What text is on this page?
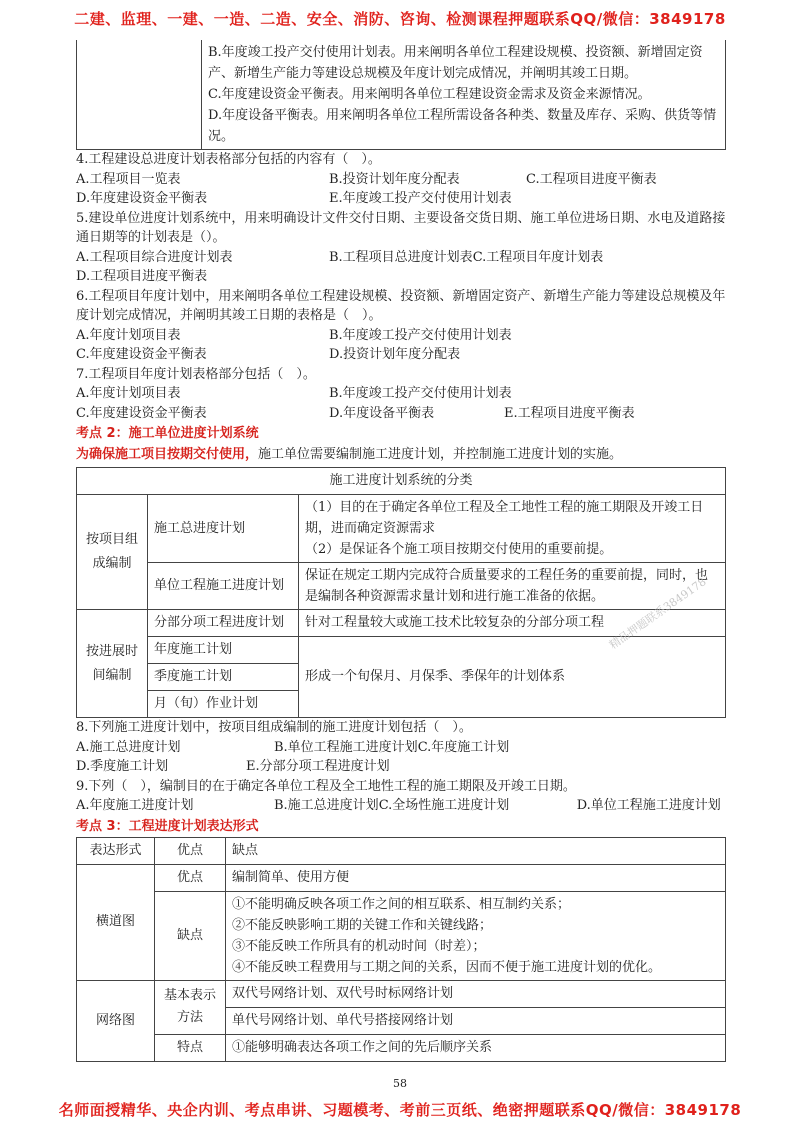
二建、监理、一建、一造、二造、安全、消防、咨询、检测课程押题联系QQ/微信：3849178

B.年度竣工投产交付使用计划表。用来阐明各单位工程建设规模、投资额、新增固定资产、新增生产能力等建设总规模及年度计划完成情况，并阐明其竣工日期。
C.年度建设资金平衡表。用来阐明各单位工程建设资金需求及资金来源情况。
D.年度设备平衡表。用来阐明各单位工程所需设备各种类、数量及库存、采购、供货等情况。

4.工程建设总进度计划表格部分包括的内容有（　）。

A.工程项目一览表	B.投资计划年度分配表	C.工程项目进度平衡表
D.年度建设资金平衡表	E.年度竣工投产交付使用计划表

5.建设单位进度计划系统中，用来明确设计文件交付日期、主要设备交货日期、施工单位进场日期、水电及道路接通日期等的计划表是（）。

A.工程项目综合进度计划表	B.工程项目总进度计划表 C.工程项目年度计划表
D.工程项目进度平衡表

6.工程项目年度计划中，用来阐明各单位工程建设规模、投资额、新增固定资产、新增生产能力等建设总规模及年度计划完成情况，并阐明其竣工日期的表格是（　）。

A.年度计划项目表	B.年度竣工投产交付使用计划表
C.年度建设资金平衡表	D.投资计划年度分配表

7.工程项目年度计划表格部分包括（　）。

A.年度计划项目表	B.年度竣工投产交付使用计划表
C.年度建设资金平衡表	D.年度设备平衡表	E.工程项目进度平衡表
考点 2：施工单位进度计划系统
为确保施工项目按期交付使用，施工单位需要编制施工进度计划，并控制施工进度计划的实施。
施工进度计划系统的分类		
按项目组成编制	施工总进度计划	（1）目的在于确定各单位工程及全工地性工程的施工期限及开竣工日期，进而确定资源需求
（2）是保证各个施工项目按期交付使用的重要前提。

	单位工程施工进度计划	保证在规定工期内完成符合质量要求的工程任务的重要前提，同时，也是编制各种资源需求量计划和进行施工准备的依据。
按进展时间编制	分部分项工程进度计划	针对工程量较大或施工技术比较复杂的分部分项工程
	年度施工计划	形成一个旬保月、月保季、季保年的计划体系
	季度施工计划	
	月（旬）作业计划	

8.下列施工进度计划中，按项目组成编制的施工进度计划包括（　）。

A.施工总进度计划	B.单位工程施工进度计划 C.年度施工计划
D.季度施工计划	E.分部分项工程进度计划

9.下列（　），编制目的在于确定各单位工程及全工地性工程的施工期限及开竣工日期。

A.年度施工进度计划	B.施工总进度计划 C.全场性施工进度计划	D.单位工程施工进度计划
考点 3：工程进度计划表达形式
表达形式	优点	缺点
横道图	优点	编制简单、使用方便
	缺点	①不能明确反映各项工作之间的相互联系、相互制约关系；
②不能反映影响工期的关键工作和关键线路；
③不能反映工作所具有的机动时间（时差）；
④不能反映工程费用与工期之间的关系，因而不便于施工进度计划的优化。

网络图	基本表示方法	双代号网络计划、双代号时标网络计划
		单代号网络计划、单代号搭接网络计划
	特点	①能够明确表达各项工作之间的先后顺序关系
精品押题联系3849178
58
名师面授精华、央企内训、考点串讲、习题模考、考前三页纸、绝密押题联系QQ/微信：3849178
